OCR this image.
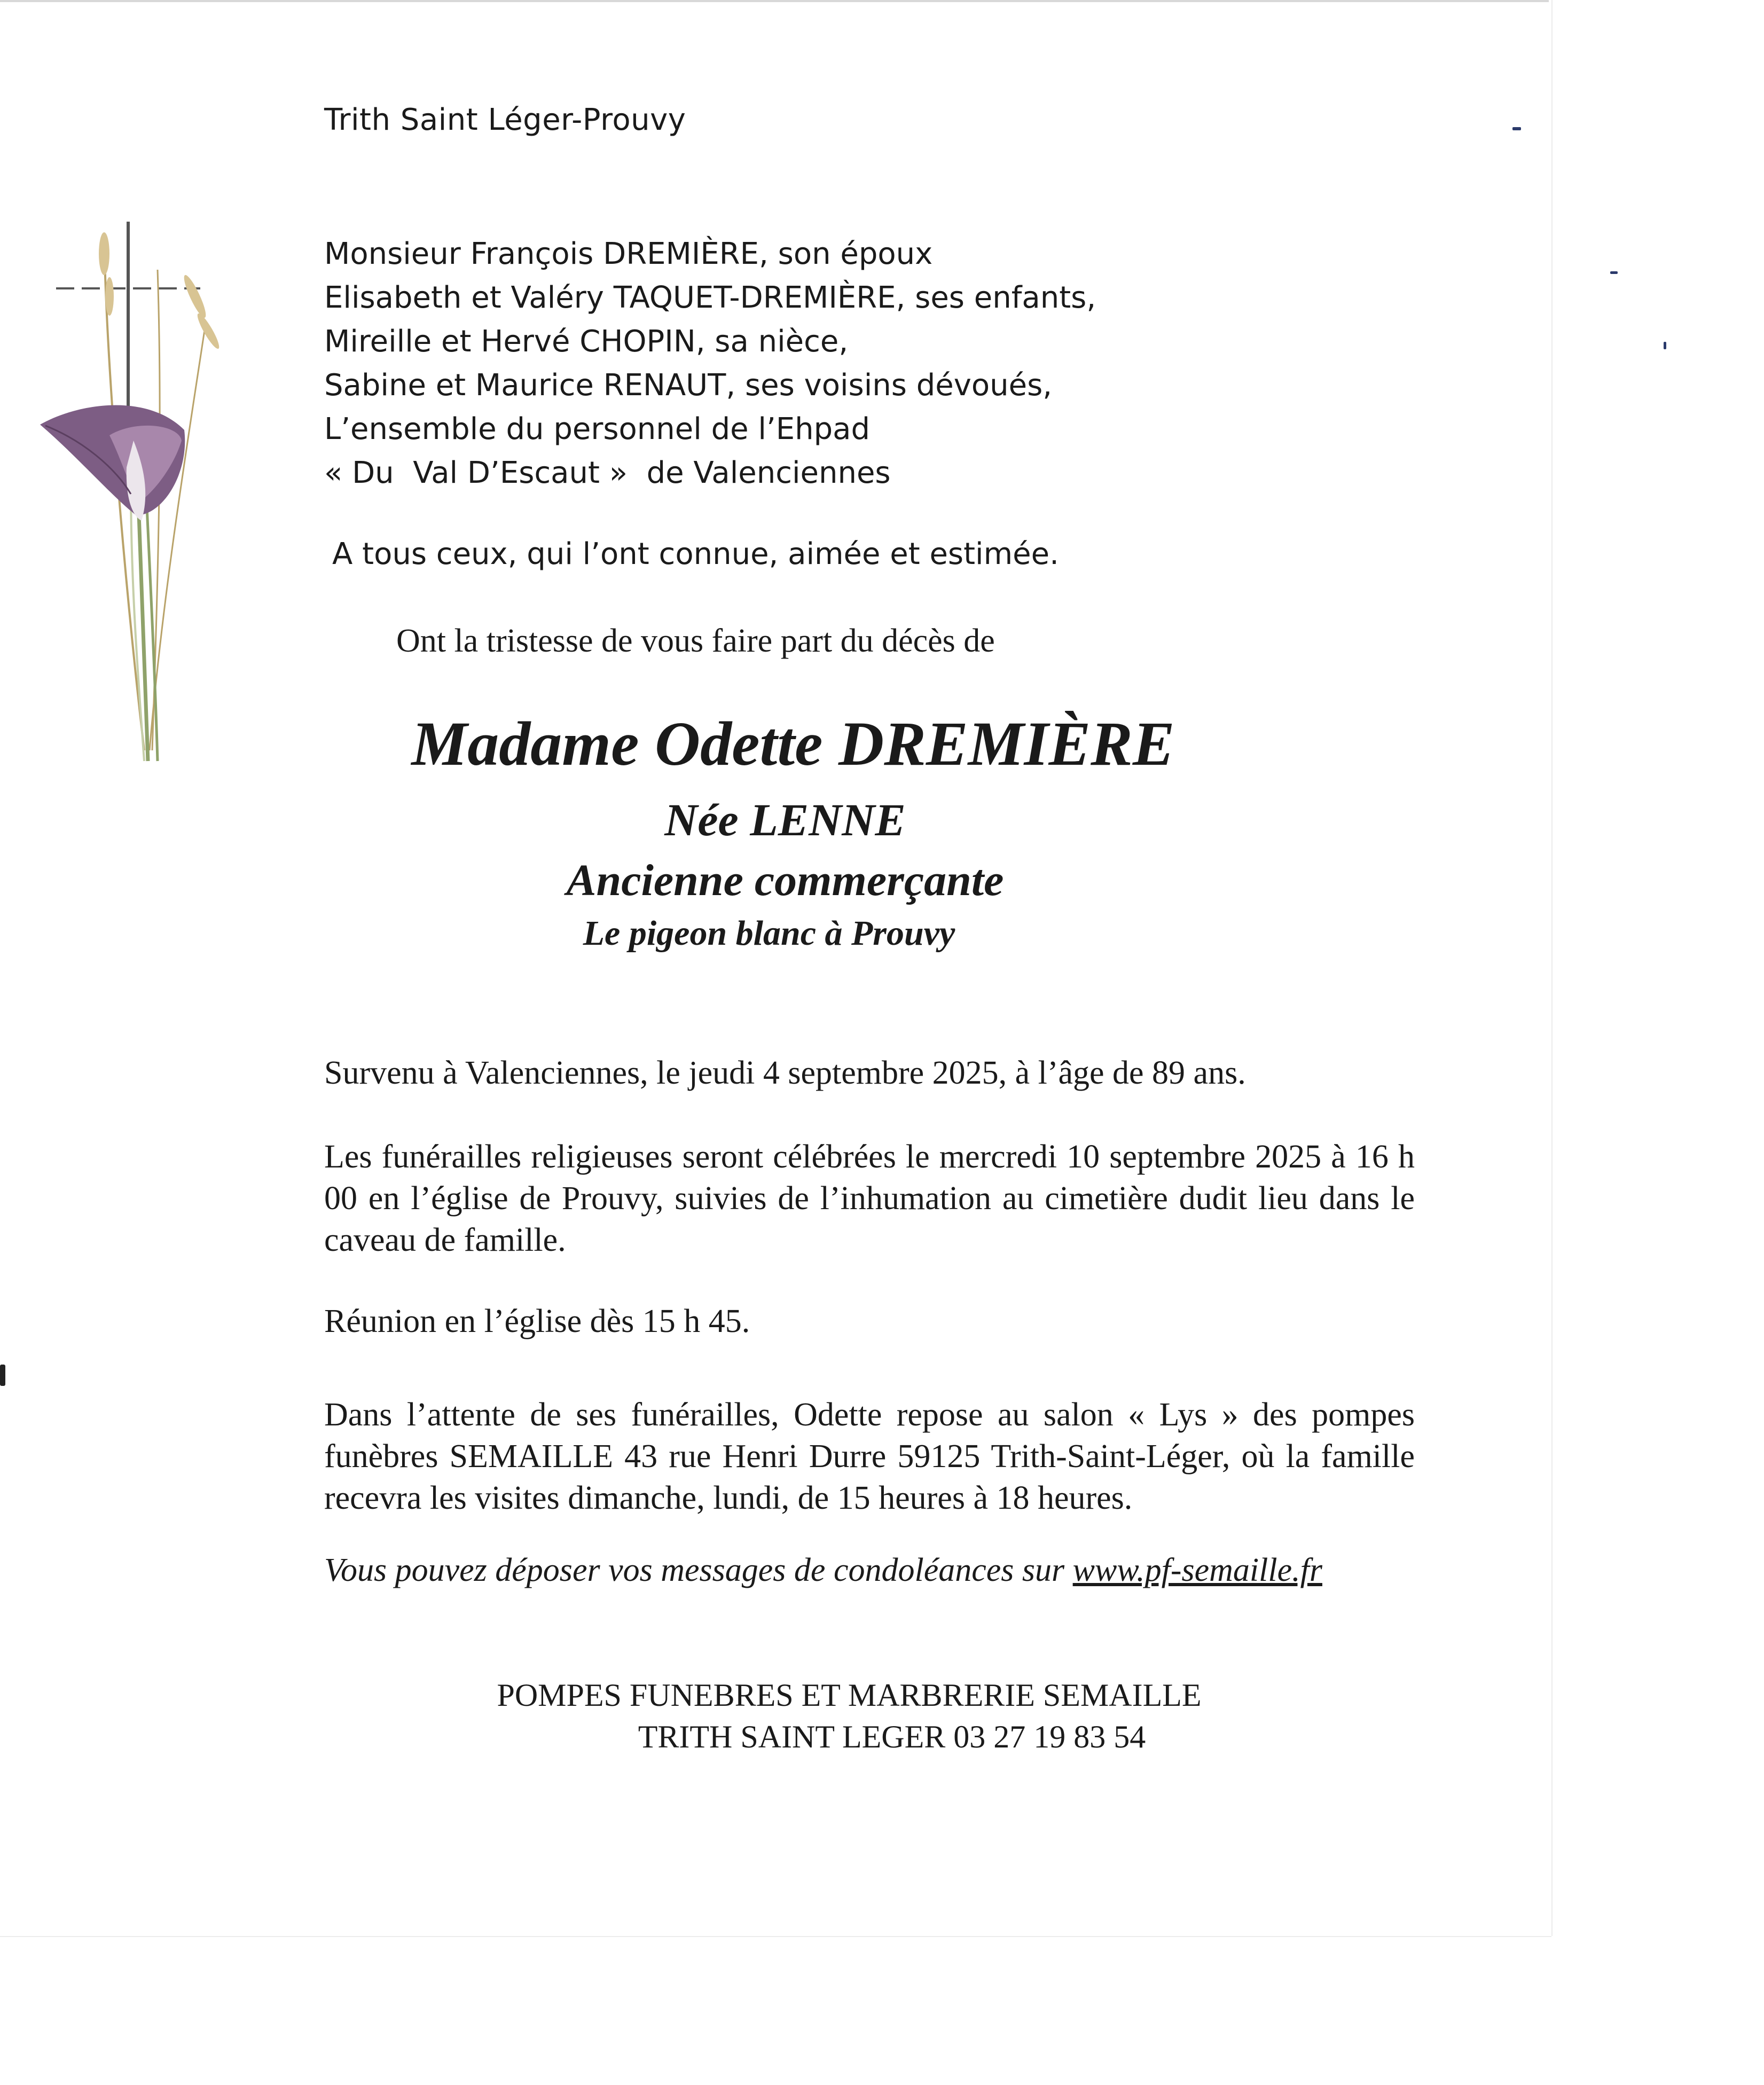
Trith Saint Léger-Prouvy
Monsieur François DREMIÈRE, son époux
Elisabeth et Valéry TAQUET-DREMIÈRE, ses enfants,
Mireille et Hervé CHOPIN, sa nièce,
Sabine et Maurice RENAUT, ses voisins dévoués,
L’ensemble du personnel de l’Ehpad
« Du  Val D’Escaut »  de Valenciennes
A tous ceux, qui l’ont connue, aimée et estimée.
Ont la tristesse de vous faire part du décès de
Madame Odette DREMIÈRE
Née LENNE
Ancienne commerçante
Le pigeon blanc à Prouvy
Survenu à Valenciennes, le jeudi 4 septembre 2025, à l’âge de 89 ans.
Les funérailles religieuses seront célébrées le mercredi 10 septembre 2025 à 16 h 00 en l’église de Prouvy, suivies de l’inhumation au cimetière dudit lieu dans le caveau de famille.
Réunion en l’église dès 15 h 45.
Dans l’attente de ses funérailles, Odette repose au salon « Lys » des pompes funèbres SEMAILLE 43 rue Henri Durre 59125 Trith-Saint-Léger, où la famille recevra les visites dimanche, lundi, de 15 heures à 18 heures.
Vous pouvez déposer vos messages de condoléances sur www.pf-semaille.fr
POMPES FUNEBRES ET MARBRERIE SEMAILLE
TRITH SAINT LEGER 03 27 19 83 54
